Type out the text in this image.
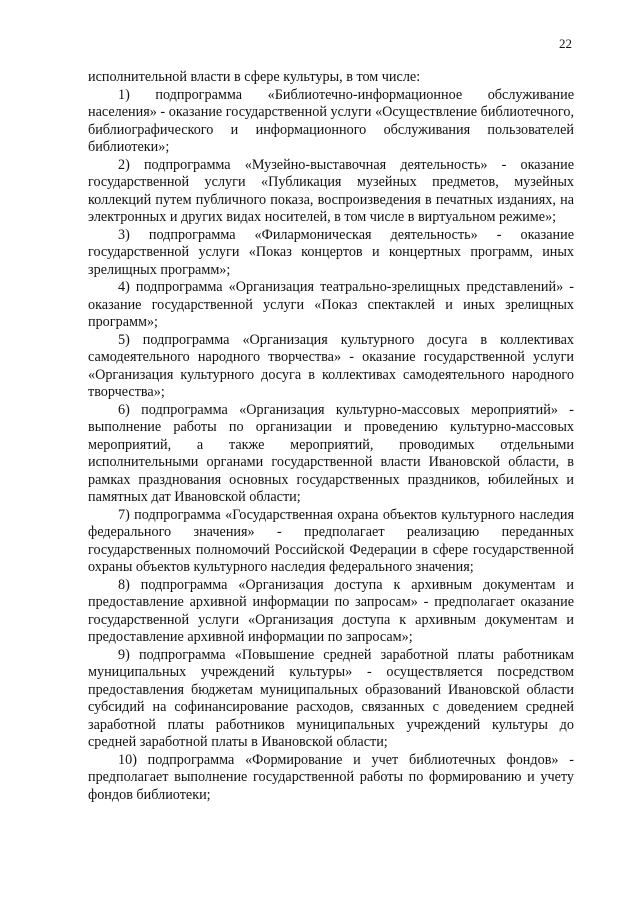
22

исполнительной власти в сфере культуры, в том числе:

1) подпрограмма «Библиотечно-информационное обслуживание населения» - оказание государственной услуги «Осуществление библиотечного, библиографического и информационного обслуживания пользователей библиотеки»;

2) подпрограмма «Музейно-выставочная деятельность» - оказание государственной услуги «Публикация музейных предметов, музейных коллекций путем публичного показа, воспроизведения в печатных изданиях, на электронных и других видах носителей, в том числе в виртуальном режиме»;

3) подпрограмма «Филармоническая деятельность» - оказание государственной услуги «Показ концертов и концертных программ, иных зрелищных программ»;

4) подпрограмма «Организация театрально-зрелищных представлений» - оказание государственной услуги «Показ спектаклей и иных зрелищных программ»;

5) подпрограмма «Организация культурного досуга в коллективах самодеятельного народного творчества» - оказание государственной услуги «Организация культурного досуга в коллективах самодеятельного народного творчества»;

6) подпрограмма «Организация культурно-массовых мероприятий» - выполнение работы по организации и проведению культурно-массовых мероприятий, а также мероприятий, проводимых отдельными исполнительными органами государственной власти Ивановской области, в рамках празднования основных государственных праздников, юбилейных и памятных дат Ивановской области;

7) подпрограмма «Государственная охрана объектов культурного наследия федерального значения» - предполагает реализацию переданных государственных полномочий Российской Федерации в сфере государственной охраны объектов культурного наследия федерального значения;

8) подпрограмма «Организация доступа к архивным документам и предоставление архивной информации по запросам» - предполагает оказание государственной услуги «Организация доступа к архивным документам и предоставление архивной информации по запросам»;

9) подпрограмма «Повышение средней заработной платы работникам муниципальных учреждений культуры» - осуществляется посредством предоставления бюджетам муниципальных образований Ивановской области субсидий на софинансирование расходов, связанных с доведением средней заработной платы работников муниципальных учреждений культуры до средней заработной платы в Ивановской области;

10) подпрограмма «Формирование и учет библиотечных фондов» - предполагает выполнение государственной работы по формированию и учету фондов библиотеки;
